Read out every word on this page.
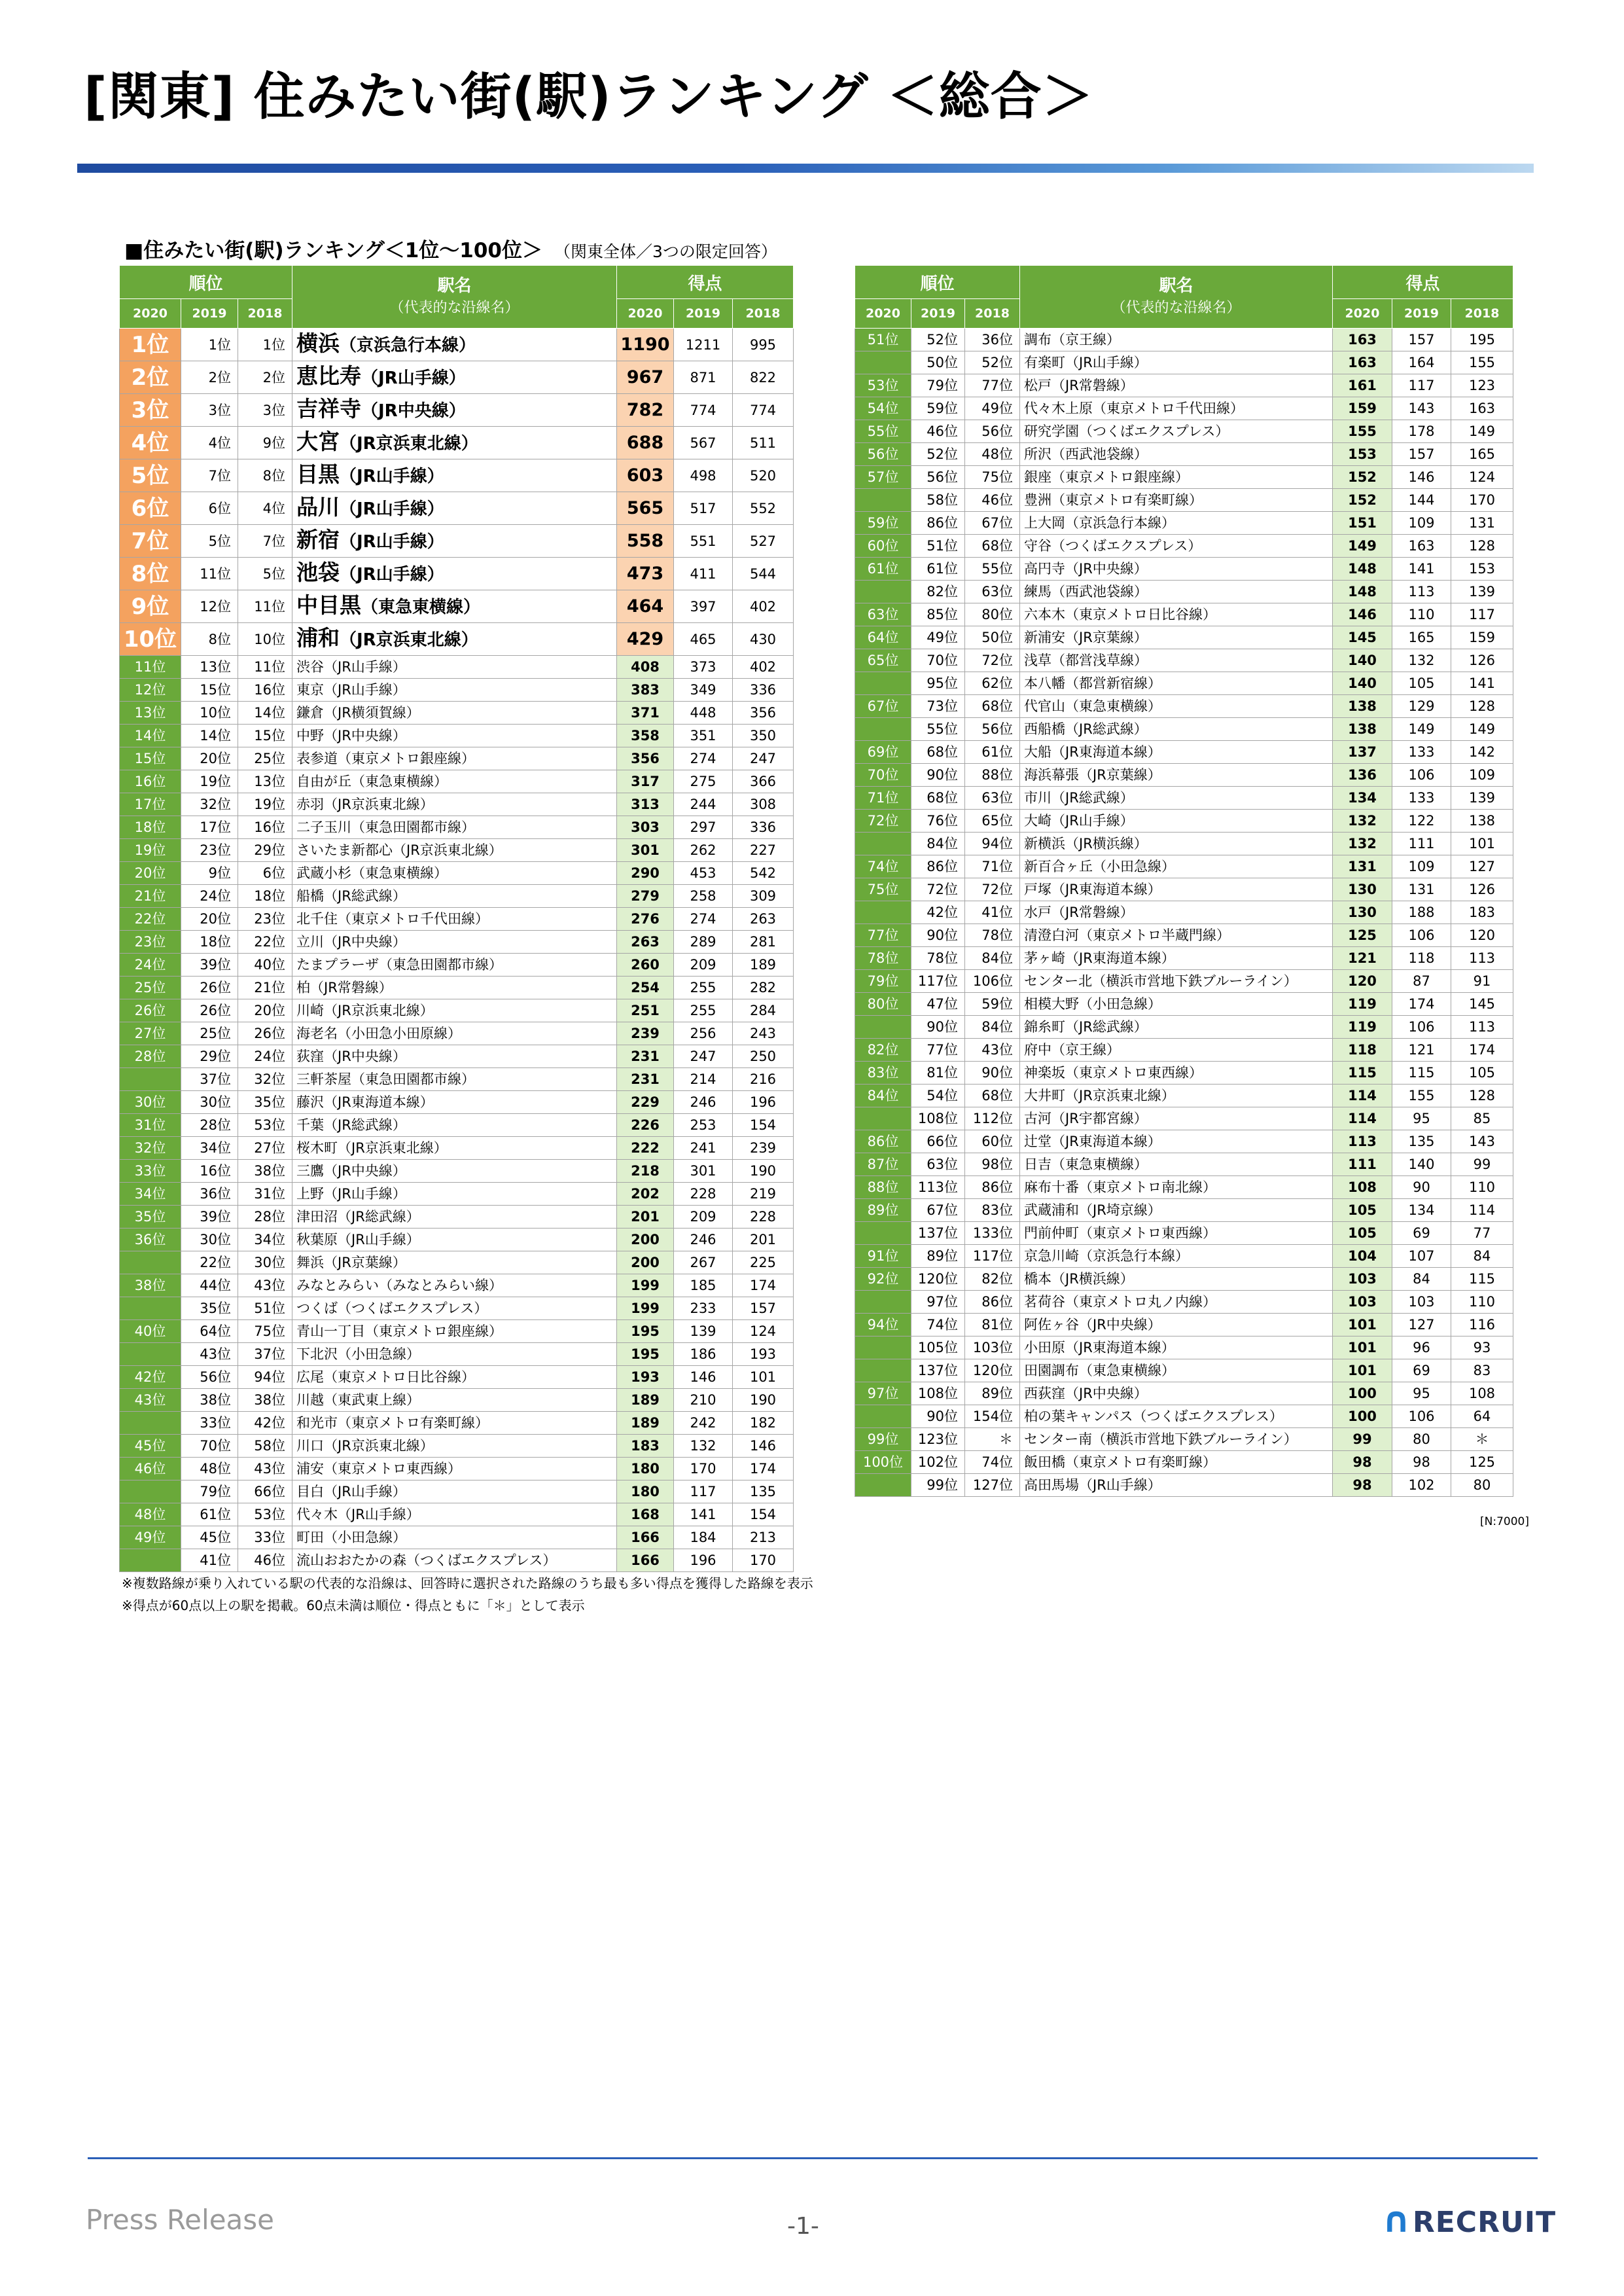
[関東] 住みたい街(駅)ランキング ＜総合＞
■住みたい街(駅)ランキング＜1位～100位＞ （関東全体／3つの限定回答）
順位			駅名
（代表的な沿線名）	得点		
2020	2019	2018		2020	2019	2018
1位	1位	1位	横浜（京浜急行本線）	1190	1211	995
2位	2位	2位	恵比寿（JR山手線）	967	871	822
3位	3位	3位	吉祥寺（JR中央線）	782	774	774
4位	4位	9位	大宮（JR京浜東北線）	688	567	511
5位	7位	8位	目黒（JR山手線）	603	498	520
6位	6位	4位	品川（JR山手線）	565	517	552
7位	5位	7位	新宿（JR山手線）	558	551	527
8位	11位	5位	池袋（JR山手線）	473	411	544
9位	12位	11位	中目黒（東急東横線）	464	397	402
10位	8位	10位	浦和（JR京浜東北線）	429	465	430
11位	13位	11位	渋谷（JR山手線）	408	373	402
12位	15位	16位	東京（JR山手線）	383	349	336
13位	10位	14位	鎌倉（JR横須賀線）	371	448	356
14位	14位	15位	中野（JR中央線）	358	351	350
15位	20位	25位	表参道（東京メトロ銀座線）	356	274	247
16位	19位	13位	自由が丘（東急東横線）	317	275	366
17位	32位	19位	赤羽（JR京浜東北線）	313	244	308
18位	17位	16位	二子玉川（東急田園都市線）	303	297	336
19位	23位	29位	さいたま新都心（JR京浜東北線）	301	262	227
20位	9位	6位	武蔵小杉（東急東横線）	290	453	542
21位	24位	18位	船橋（JR総武線）	279	258	309
22位	20位	23位	北千住（東京メトロ千代田線）	276	274	263
23位	18位	22位	立川（JR中央線）	263	289	281
24位	39位	40位	たまプラーザ（東急田園都市線）	260	209	189
25位	26位	21位	柏（JR常磐線）	254	255	282
26位	26位	20位	川崎（JR京浜東北線）	251	255	284
27位	25位	26位	海老名（小田急小田原線）	239	256	243
28位	29位	24位	荻窪（JR中央線）	231	247	250
	37位	32位	三軒茶屋（東急田園都市線）	231	214	216
30位	30位	35位	藤沢（JR東海道本線）	229	246	196
31位	28位	53位	千葉（JR総武線）	226	253	154
32位	34位	27位	桜木町（JR京浜東北線）	222	241	239
33位	16位	38位	三鷹（JR中央線）	218	301	190
34位	36位	31位	上野（JR山手線）	202	228	219
35位	39位	28位	津田沼（JR総武線）	201	209	228
36位	30位	34位	秋葉原（JR山手線）	200	246	201
	22位	30位	舞浜（JR京葉線）	200	267	225
38位	44位	43位	みなとみらい（みなとみらい線）	199	185	174
	35位	51位	つくば（つくばエクスプレス）	199	233	157
40位	64位	75位	青山一丁目（東京メトロ銀座線）	195	139	124
	43位	37位	下北沢（小田急線）	195	186	193
42位	56位	94位	広尾（東京メトロ日比谷線）	193	146	101
43位	38位	38位	川越（東武東上線）	189	210	190
	33位	42位	和光市（東京メトロ有楽町線）	189	242	182
45位	70位	58位	川口（JR京浜東北線）	183	132	146
46位	48位	43位	浦安（東京メトロ東西線）	180	170	174
	79位	66位	目白（JR山手線）	180	117	135
48位	61位	53位	代々木（JR山手線）	168	141	154
49位	45位	33位	町田（小田急線）	166	184	213
	41位	46位	流山おおたかの森（つくばエクスプレス）	166	196	170
※複数路線が乗り入れている駅の代表的な沿線は、回答時に選択された路線のうち最も多い得点を獲得した路線を表示
※得点が60点以上の駅を掲載。60点未満は順位・得点ともに「＊」として表示
順位			駅名
（代表的な沿線名）	得点		
2020	2019	2018		2020	2019	2018
51位	52位	36位	調布（京王線）	163	157	195
	50位	52位	有楽町（JR山手線）	163	164	155
53位	79位	77位	松戸（JR常磐線）	161	117	123
54位	59位	49位	代々木上原（東京メトロ千代田線）	159	143	163
55位	46位	56位	研究学園（つくばエクスプレス）	155	178	149
56位	52位	48位	所沢（西武池袋線）	153	157	165
57位	56位	75位	銀座（東京メトロ銀座線）	152	146	124
	58位	46位	豊洲（東京メトロ有楽町線）	152	144	170
59位	86位	67位	上大岡（京浜急行本線）	151	109	131
60位	51位	68位	守谷（つくばエクスプレス）	149	163	128
61位	61位	55位	高円寺（JR中央線）	148	141	153
	82位	63位	練馬（西武池袋線）	148	113	139
63位	85位	80位	六本木（東京メトロ日比谷線）	146	110	117
64位	49位	50位	新浦安（JR京葉線）	145	165	159
65位	70位	72位	浅草（都営浅草線）	140	132	126
	95位	62位	本八幡（都営新宿線）	140	105	141
67位	73位	68位	代官山（東急東横線）	138	129	128
	55位	56位	西船橋（JR総武線）	138	149	149
69位	68位	61位	大船（JR東海道本線）	137	133	142
70位	90位	88位	海浜幕張（JR京葉線）	136	106	109
71位	68位	63位	市川（JR総武線）	134	133	139
72位	76位	65位	大崎（JR山手線）	132	122	138
	84位	94位	新横浜（JR横浜線）	132	111	101
74位	86位	71位	新百合ヶ丘（小田急線）	131	109	127
75位	72位	72位	戸塚（JR東海道本線）	130	131	126
	42位	41位	水戸（JR常磐線）	130	188	183
77位	90位	78位	清澄白河（東京メトロ半蔵門線）	125	106	120
78位	78位	84位	茅ヶ崎（JR東海道本線）	121	118	113
79位	117位	106位	センター北（横浜市営地下鉄ブルーライン）	120	87	91
80位	47位	59位	相模大野（小田急線）	119	174	145
	90位	84位	錦糸町（JR総武線）	119	106	113
82位	77位	43位	府中（京王線）	118	121	174
83位	81位	90位	神楽坂（東京メトロ東西線）	115	115	105
84位	54位	68位	大井町（JR京浜東北線）	114	155	128
	108位	112位	古河（JR宇都宮線）	114	95	85
86位	66位	60位	辻堂（JR東海道本線）	113	135	143
87位	63位	98位	日吉（東急東横線）	111	140	99
88位	113位	86位	麻布十番（東京メトロ南北線）	108	90	110
89位	67位	83位	武蔵浦和（JR埼京線）	105	134	114
	137位	133位	門前仲町（東京メトロ東西線）	105	69	77
91位	89位	117位	京急川崎（京浜急行本線）	104	107	84
92位	120位	82位	橋本（JR横浜線）	103	84	115
	97位	86位	茗荷谷（東京メトロ丸ノ内線）	103	103	110
94位	74位	81位	阿佐ヶ谷（JR中央線）	101	127	116
	105位	103位	小田原（JR東海道本線）	101	96	93
	137位	120位	田園調布（東急東横線）	101	69	83
97位	108位	89位	西荻窪（JR中央線）	100	95	108
	90位	154位	柏の葉キャンパス（つくばエクスプレス）	100	106	64
99位	123位	＊	センター南（横浜市営地下鉄ブルーライン）	99	80	＊
100位	102位	74位	飯田橋（東京メトロ有楽町線）	98	98	125
	99位	127位	高田馬場（JR山手線）	98	102	80
[N:7000]
Press Release	-1-	∩RECRUIT
